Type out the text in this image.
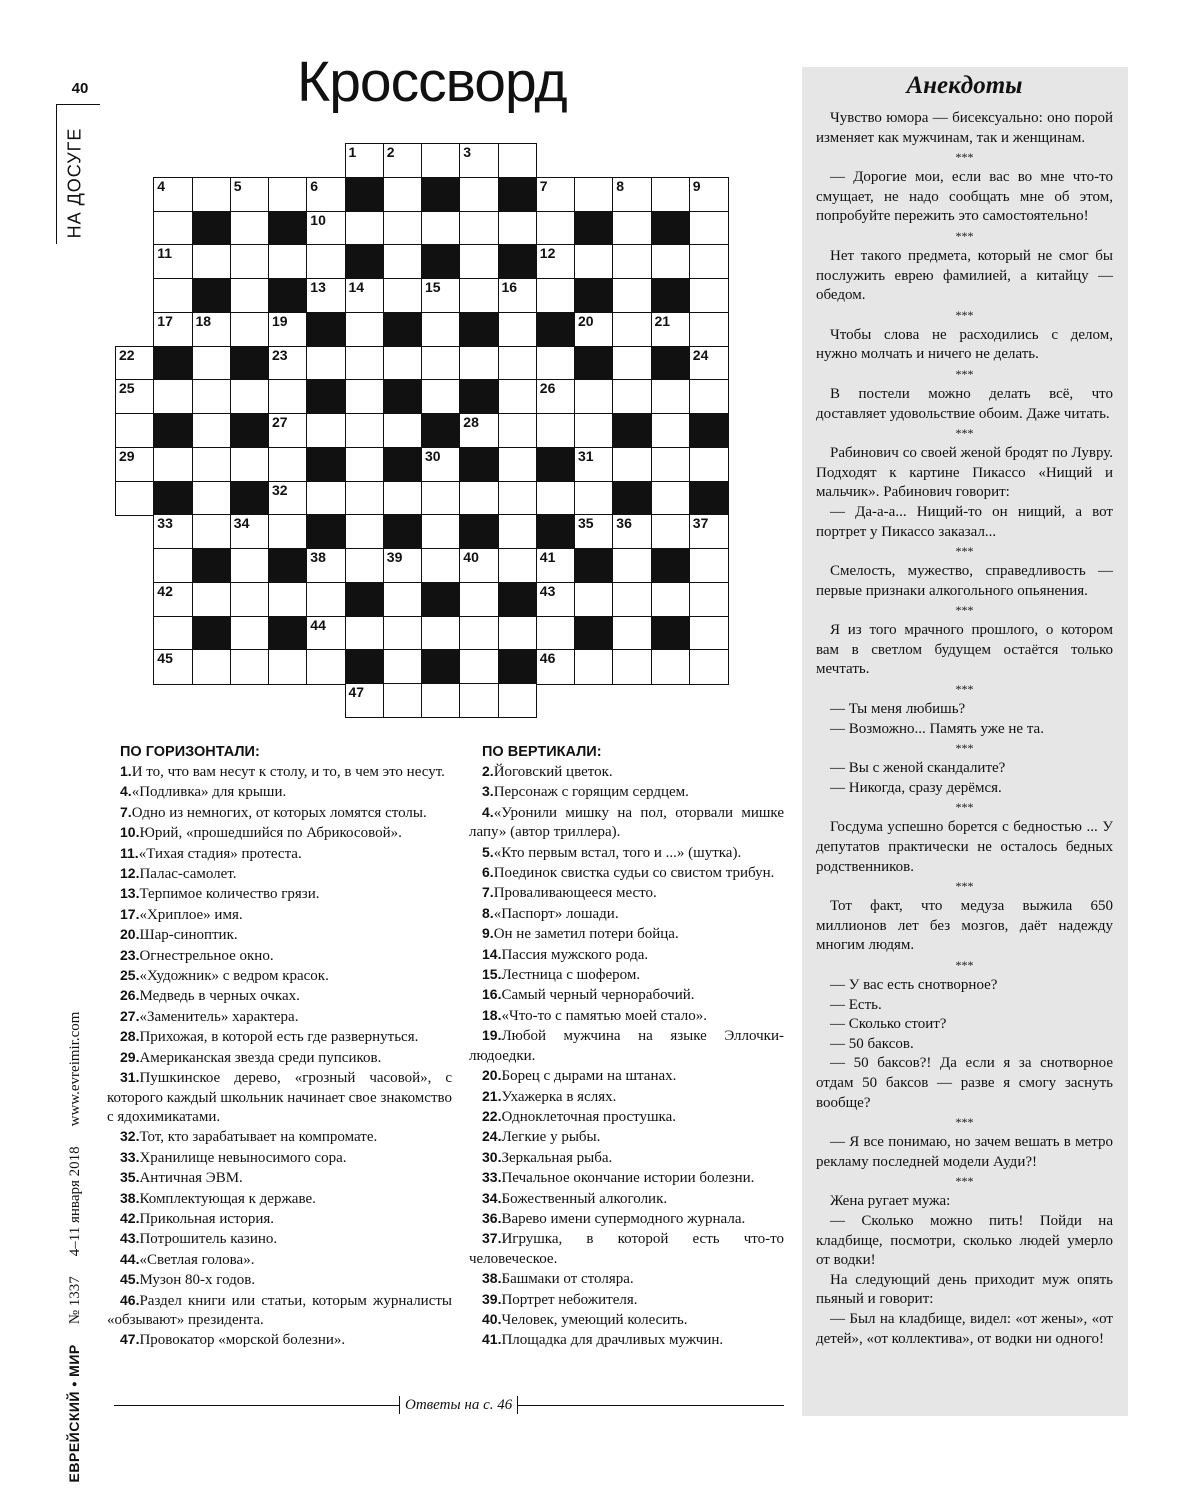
40
НА ДОСУГЕ
ЕВРЕЙСКИЙ • МИР
№ 1337
4–11 января 2018
www.evreimir.com
Кроссворд
1 2	3
4	5	6	7	8	9
10
11	12
13 14	15	16
17 18	19	20	21
22	23	24
25	26
27	28
29	30	31
32
33	34	35 36	37
38	39	40	41
42	43
44
45	46
47
ПО ГОРИЗОНТАЛИ:
1.И то, что вам несут к столу, и то, в чем это несут.
4.«Подливка» для крыши.
7.Одно из немногих, от которых ломятся столы.
10.Юрий, «прошедшийся по Абрикосовой».
11.«Тихая стадия» протеста.
12.Палас-самолет.
13.Терпимое количество грязи.
17.«Хриплое» имя.
20.Шар-синоптик.
23.Огнестрельное окно.
25.«Художник» с ведром красок.
26.Медведь в черных очках.
27.«Заменитель» характера.
28.Прихожая, в которой есть где развернуться.
29.Американская звезда среди пупсиков.
31.Пушкинское дерево, «грозный часовой», с которого каждый школьник начинает свое знакомство с ядохимикатами.
32.Тот, кто зарабатывает на компромате.
33.Хранилище невыносимого сора.
35.Античная ЭВМ.
38.Комплектующая к державе.
42.Прикольная история.
43.Потрошитель казино.
44.«Светлая голова».
45.Музон 80-х годов.
46.Раздел книги или статьи, которым журналисты «обзывают» президента.
47.Провокатор «морской болезни».
ПО ВЕРТИКАЛИ:
2.Йоговский цветок.
3.Персонаж с горящим сердцем.
4.«Уронили мишку на пол, оторвали мишке лапу» (автор триллера).
5.«Кто первым встал, того и ...» (шутка).
6.Поединок свистка судьи со свистом трибун.
7.Проваливающееся место.
8.«Паспорт» лошади.
9.Он не заметил потери бойца.
14.Пассия мужского рода.
15.Лестница с шофером.
16.Самый черный чернорабочий.
18.«Что-то с памятью моей стало».
19.Любой мужчина на языке Эллочки-людоедки.
20.Борец с дырами на штанах.
21.Ухажерка в яслях.
22.Одноклеточная простушка.
24.Легкие у рыбы.
30.Зеркальная рыба.
33.Печальное окончание истории болезни.
34.Божественный алкоголик.
36.Варево имени супермодного журнала.
37.Игрушка, в которой есть что-то человеческое.
38.Башмаки от столяра.
39.Портрет небожителя.
40.Человек, умеющий колесить.
41.Площадка для драчливых мужчин.
Ответы на с. 46
Анекдоты
Чувство юмора — бисексуально: оно порой изменяет как мужчинам, так и женщинам.
***
— Дорогие мои, если вас во мне что-то смущает, не надо сообщать мне об этом, попробуйте пережить это самостоятельно!
***
Нет такого предмета, который не смог бы послужить еврею фамилией, а китайцу — обедом.
***
Чтобы слова не расходились с делом, нужно молчать и ничего не делать.
***
В постели можно делать всё, что доставляет удовольствие обоим. Даже читать.
***
Рабинович со своей женой бродят по Лувру. Подходят к картине Пикассо «Нищий и мальчик». Рабинович говорит:
— Да-а-а... Нищий-то он нищий, а вот портрет у Пикассо заказал...
***
Смелость, мужество, справедливость — первые признаки алкогольного опьянения.
***
Я из того мрачного прошлого, о котором вам в светлом будущем остаётся только мечтать.
***
— Ты меня любишь?
— Возможно... Память уже не та.
***
— Вы с женой скандалите?
— Никогда, сразу дерёмся.
***
Госдума успешно борется с бедностью ... У депутатов практически не осталось бедных родственников.
***
Тот факт, что медуза выжила 650 миллионов лет без мозгов, даёт надежду многим людям.
***
— У вас есть снотворное?
— Есть.
— Сколько стоит?
— 50 баксов.
— 50 баксов?! Да если я за снотворное отдам 50 баксов — разве я смогу заснуть вообще?
***
— Я все понимаю, но зачем вешать в метро рекламу последней модели Ауди?!
***
Жена ругает мужа:
— Сколько можно пить! Пойди на кладбище, посмотри, сколько людей умерло от водки!
На следующий день приходит муж опять пьяный и говорит:
— Был на кладбище, видел: «от жены», «от детей», «от коллектива», от водки ни одного!
